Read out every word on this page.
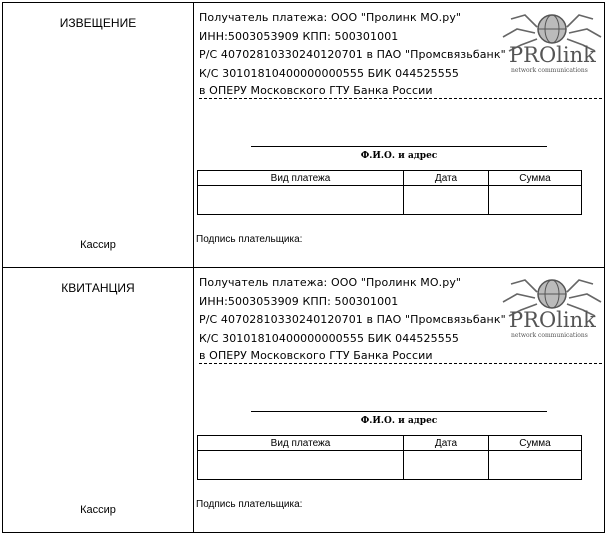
ИЗВЕЩЕНИЕ
Кассир
Получатель платежа: ООО "Пролинк МО.ру"
ИНН:5003053909 КПП: 500301001
Р/С 40702810330240120701 в ПАО "Промсвязьбанк"
К/С 30101810400000000555 БИК 044525555
в ОПЕРУ Московского ГТУ Банка России
PROlink
network communications
Ф.И.О. и адрес
Вид платежа	Дата	Сумма

Подпись плательщика:
КВИТАНЦИЯ
Кассир
Получатель платежа: ООО "Пролинк МО.ру"
ИНН:5003053909 КПП: 500301001
Р/С 40702810330240120701 в ПАО "Промсвязьбанк"
К/С 30101810400000000555 БИК 044525555
в ОПЕРУ Московского ГТУ Банка России
PROlink
network communications
Ф.И.О. и адрес
Вид платежа	Дата	Сумма

Подпись плательщика:
